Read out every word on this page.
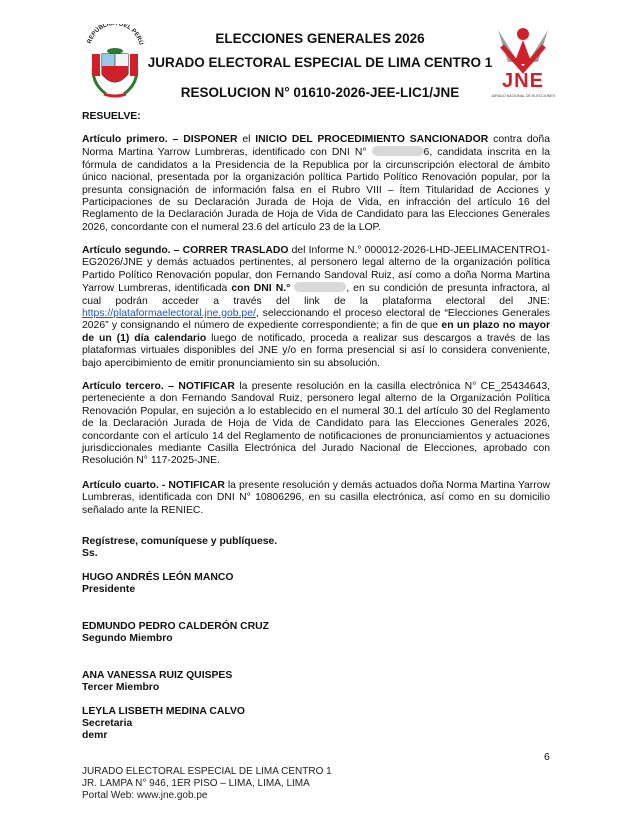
REPÚBLICA DEL PERÚ
JNE
JURADO NACIONAL DE ELECCIONES
ELECCIONES GENERALES 2026
JURADO ELECTORAL ESPECIAL DE LIMA CENTRO 1
RESOLUCION N° 01610-2026-JEE-LIC1/JNE
RESUELVE:
Artículo primero. – DISPONER el INICIO DEL PROCEDIMIENTO SANCIONADOR contra doña Norma Martina Yarrow Lumbreras, identificado con DNI N°	6, candidata inscrita en la fórmula de candidatos a la Presidencia de la Republica por la circunscripción electoral de ámbito único nacional, presentada por la organización política Partido Político Renovación popular, por la presunta consignación de información falsa en el Rubro VIII – Ítem Titularidad de Acciones y Participaciones de su Declaración Jurada de Hoja de Vida, en infracción del artículo 16 del Reglamento de la Declaración Jurada de Hoja de Vida de Candidato para las Elecciones Generales 2026, concordante con el numeral 23.6 del artículo 23 de la LOP.
Artículo segundo. – CORRER TRASLADO del Informe N.° 000012-2026-LHD-JEELIMACENTRO1-EG2026/JNE y demás actuados pertinentes, al personero legal alterno de la organización política Partido Político Renovación popular, don Fernando Sandoval Ruiz, así como a doña Norma Martina Yarrow Lumbreras, identificada con DNI N.°	, en su condición de presunta infractora, al cual podrán acceder a través del link de la plataforma electoral del JNE: https://plataformaelectoral.jne.gob.pe/, seleccionando el proceso electoral de “Elecciones Generales 2026” y consignando el número de expediente correspondiente; a fin de que en un plazo no mayor de un (1) día calendario luego de notificado, proceda a realizar sus descargos a través de las plataformas virtuales disponibles del JNE y/o en forma presencial si así lo considera conveniente, bajo apercibimiento de emitir pronunciamiento sin su absolución.
Artículo tercero. – NOTIFICAR la presente resolución en la casilla electrónica N° CE_25434643, perteneciente a don Fernando Sandoval Ruiz, personero legal alterno de la Organización Política Renovación Popular, en sujeción a lo establecido en el numeral 30.1 del artículo 30 del Reglamento de la Declaración Jurada de Hoja de Vida de Candidato para las Elecciones Generales 2026, concordante con el artículo 14 del Reglamento de notificaciones de pronunciamientos y actuaciones jurisdiccionales mediante Casilla Electrónica del Jurado Nacional de Elecciones, aprobado con Resolución N° 117-2025-JNE.
Artículo cuarto. - NOTIFICAR la presente resolución y demás actuados doña Norma Martina Yarrow Lumbreras, identificada con DNI N° 10806296, en su casilla electrónica, así como en su domicilio señalado ante la RENIEC.
Regístrese, comuníquese y publíquese.
Ss.
HUGO ANDRÉS LEÓN MANCO
Presidente
EDMUNDO PEDRO CALDERÓN CRUZ
Segundo Miembro
ANA VANESSA RUIZ QUISPES
Tercer Miembro
LEYLA LISBETH MEDINA CALVO
Secretaria
demr
6
JURADO ELECTORAL ESPECIAL DE LIMA CENTRO 1
JR. LAMPA N° 946, 1ER PISO – LIMA, LIMA, LIMA
Portal Web: www.jne.gob.pe
